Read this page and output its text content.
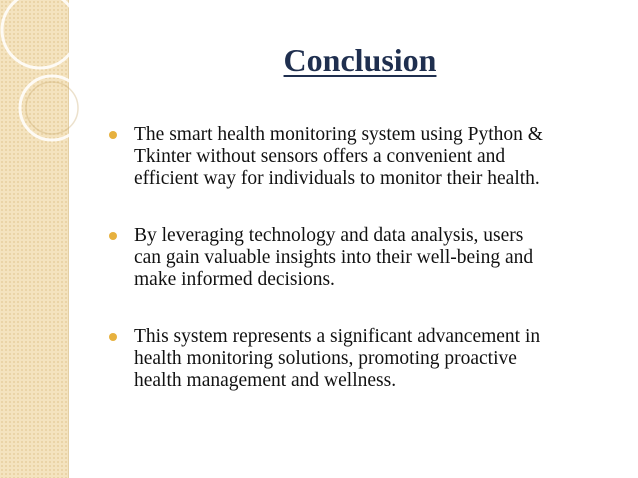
Conclusion
The smart health monitoring system using Python &
Tkinter without sensors offers a convenient and
efficient way for individuals to monitor their health.
By leveraging technology and data analysis, users
can gain valuable insights into their well-being and
make informed decisions.
This system represents a significant advancement in
health monitoring solutions, promoting proactive
health management and wellness.
